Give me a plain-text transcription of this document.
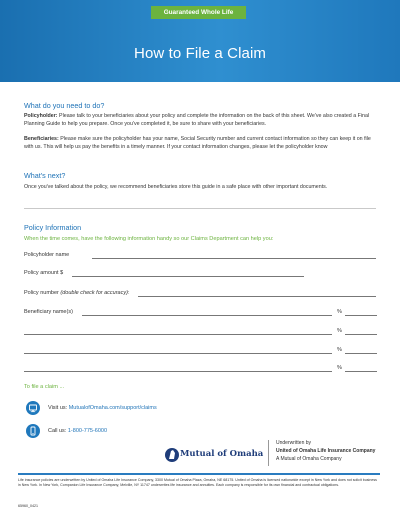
Guaranteed Whole Life
How to File a Claim
What do you need to do?
Policyholder: Please talk to your beneficiaries about your policy and complete the information on the back of this sheet. We've also created a Final Planning Guide to help you prepare. Once you've completed it, be sure to share with your beneficiaries.
Beneficiaries: Please make sure the policyholder has your name, Social Security number and current contact information so they can keep it on file with us. This will help us pay the benefits in a timely manner. If your contact information changes, please let the policyholder know
What's next?
Once you've talked about the policy, we recommend beneficiaries store this guide in a safe place with other important documents.
Policy Information
When the time comes, have the following information handy so our Claims Department can help you:
Policyholder name
Policy amount $
Policy number (double check for accuracy):
Beneficiary name(s)	%
%
%
%
To file a claim ...
Visit us: MutualofOmaha.com/support/claims
Call us: 1-800-775-6000
Mutual of Omaha
Underwritten by
United of Omaha Life Insurance Company
A Mutual of Omaha Company
Life insurance policies are underwritten by United of Omaha Life Insurance Company, 3300 Mutual of Omaha Plaza, Omaha, NE 68175. United of Omaha is licensed nationwide except in New York and does not solicit business in New York. In New York, Companion Life Insurance Company, Melville, NY 11747 underwrites life insurance and annuities. Each company is responsible for its own financial and contractual obligations.
65960_0421
